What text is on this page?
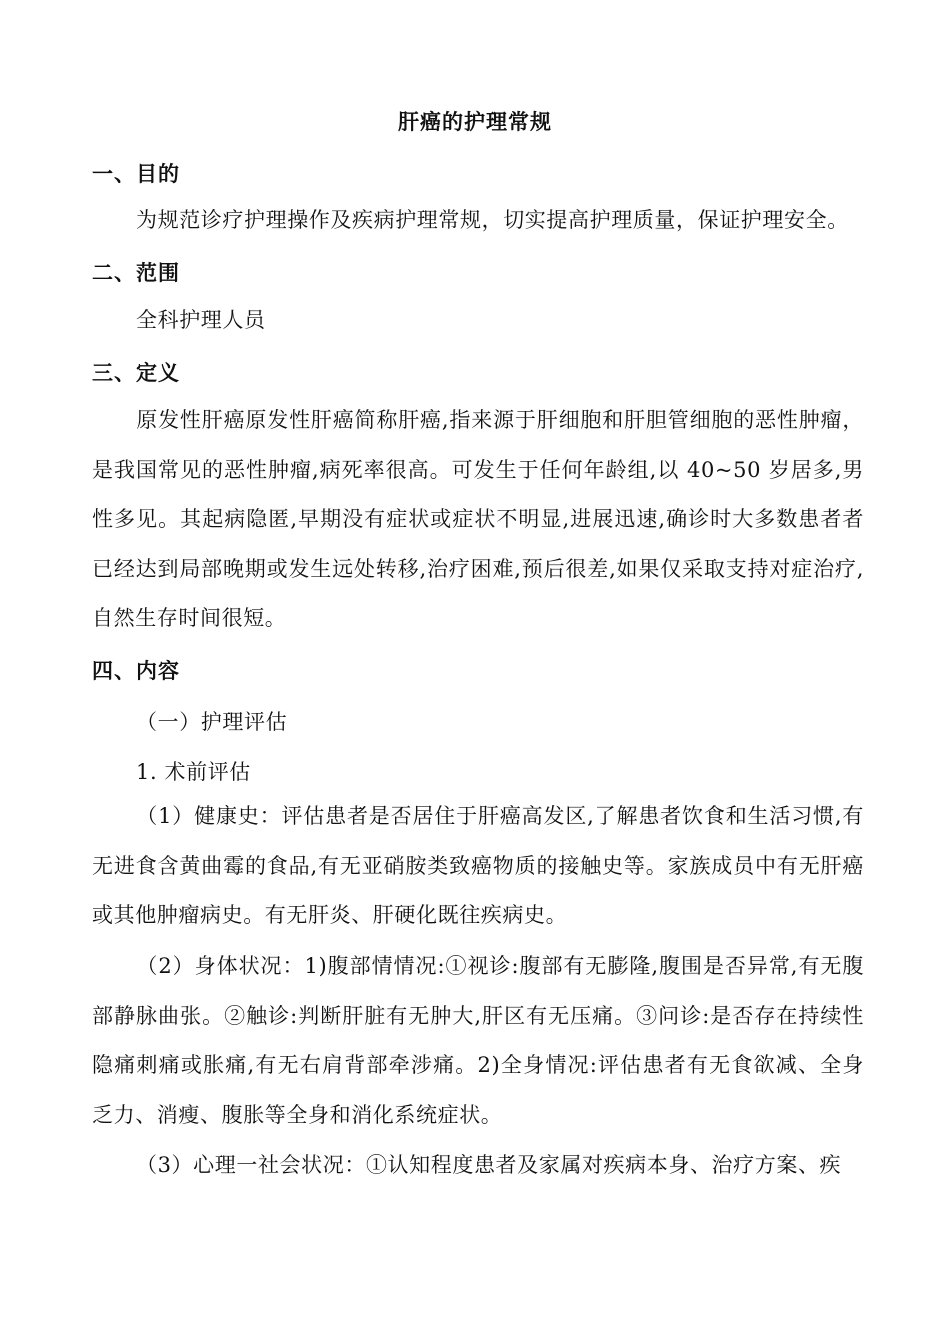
肝癌的护理常规
一、目的
为规范诊疗护理操作及疾病护理常规，切实提高护理质量，保证护理安全。
二、范围
全科护理人员
三、定义
原发性肝癌原发性肝癌简称肝癌,指来源于肝细胞和肝胆管细胞的恶性肿瘤，是我国常见的恶性肿瘤,病死率很高。可发生于任何年龄组,以 40~50 岁居多,男性多见。其起病隐匿,早期没有症状或症状不明显,进展迅速,确诊时大多数患者者已经达到局部晚期或发生远处转移,治疗困难,预后很差,如果仅采取支持对症治疗,自然生存时间很短。
四、内容
（一）护理评估
1. 术前评估
（1）健康史：评估患者是否居住于肝癌高发区,了解患者饮食和生活习惯,有无进食含黄曲霉的食品,有无亚硝胺类致癌物质的接触史等。家族成员中有无肝癌或其他肿瘤病史。有无肝炎、肝硬化既往疾病史。
（2）身体状况：1)腹部情情况:①视诊:腹部有无膨隆,腹围是否异常,有无腹部静脉曲张。②触诊:判断肝脏有无肿大,肝区有无压痛。③问诊:是否存在持续性隐痛刺痛或胀痛,有无右肩背部牵涉痛。2)全身情况:评估患者有无食欲减、全身乏力、消瘦、腹胀等全身和消化系统症状。
（3）心理一社会状况：①认知程度患者及家属对疾病本身、治疗方案、疾
